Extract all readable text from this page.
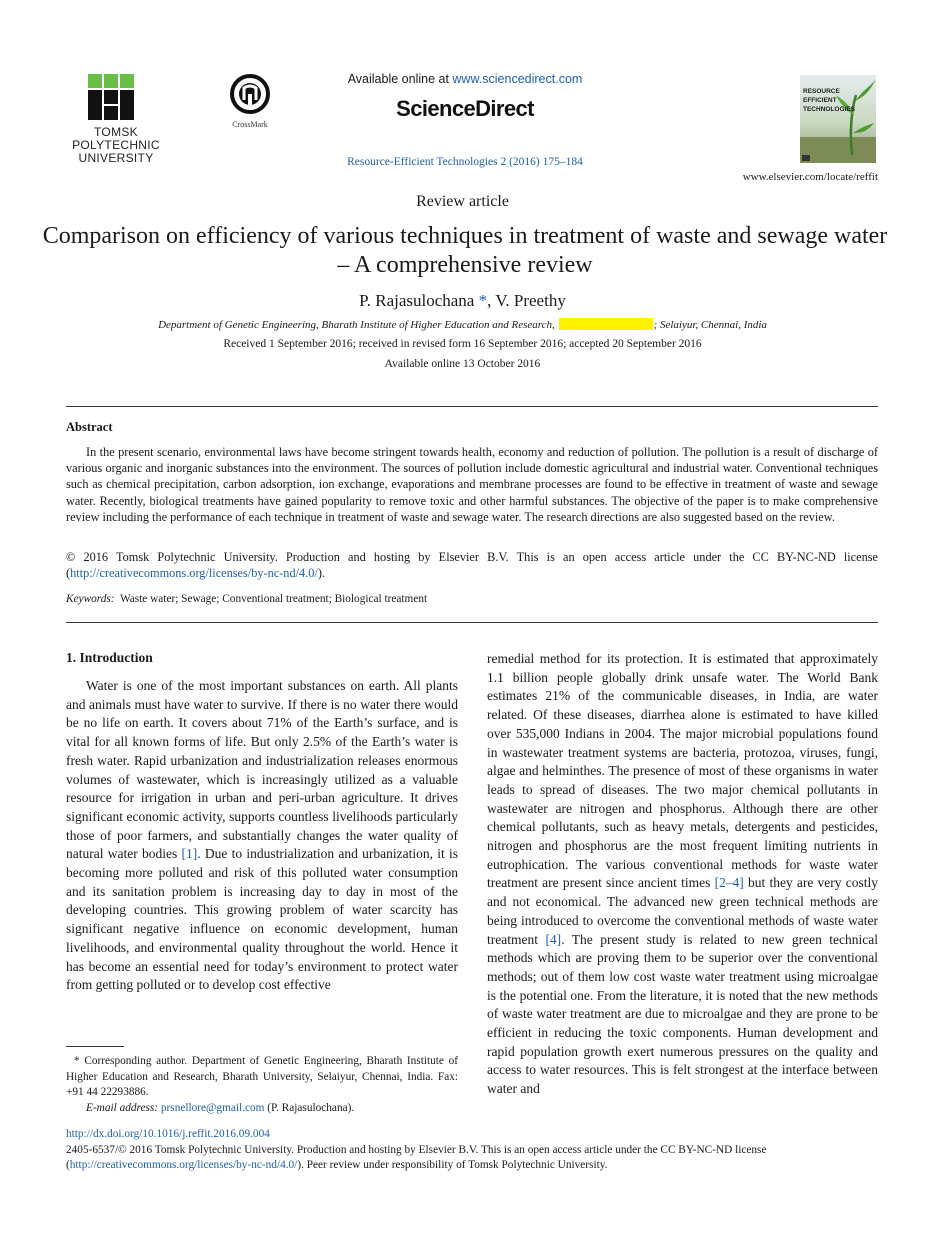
TOMSK
POLYTECHNIC
UNIVERSITY
CrossMark
Available online at www.sciencedirect.com
ScienceDirect
Resource-Efficient Technologies 2 (2016) 175–184
RESOURCE
EFFICIENT
TECHNOLOGIES
www.elsevier.com/locate/reffit
Review article
Comparison on efficiency of various techniques in treatment of waste and sewage water – A comprehensive review
P. Rajasulochana *, V. Preethy
Department of Genetic Engineering, Bharath Institute of Higher Education and Research,	; Selaiyur, Chennai, India
Received 1 September 2016; received in revised form 16 September 2016; accepted 20 September 2016
Available online 13 October 2016
Abstract

In the present scenario, environmental laws have become stringent towards health, economy and reduction of pollution. The pollution is a result of discharge of various organic and inorganic substances into the environment. The sources of pollution include domestic agricultural and industrial water. Conventional techniques such as chemical precipitation, carbon adsorption, ion exchange, evaporations and membrane processes are found to be effective in treatment of waste and sewage water. Recently, biological treatments have gained popularity to remove toxic and other harmful substances. The objective of the paper is to make comprehensive review including the performance of each technique in treatment of waste and sewage water. The research directions are also suggested based on the review.

© 2016 Tomsk Polytechnic University. Production and hosting by Elsevier B.V. This is an open access article under the CC BY-NC-ND license (http://creativecommons.org/licenses/by-nc-nd/4.0/).
Keywords: Waste water; Sewage; Conventional treatment; Biological treatment
1. Introduction

Water is one of the most important substances on earth. All plants and animals must have water to survive. If there is no water there would be no life on earth. It covers about 71% of the Earth’s surface, and is vital for all known forms of life. But only 2.5% of the Earth’s water is fresh water. Rapid urbanization and industrialization releases enormous volumes of wastewater, which is increasingly utilized as a valuable resource for irrigation in urban and peri-urban agriculture. It drives significant economic activity, supports countless livelihoods particularly those of poor farmers, and substantially changes the water quality of natural water bodies [1]. Due to industrialization and urbanization, it is becoming more polluted and risk of this polluted water consumption and its sanitation problem is increasing day to day in most of the developing countries. This growing problem of water scarcity has significant negative influence on economic development, human livelihoods, and environmental quality throughout the world. Hence it has become an essential need for today’s environment to protect water from getting polluted or to develop cost effective

remedial method for its protection. It is estimated that approximately 1.1 billion people globally drink unsafe water. The World Bank estimates 21% of the communicable diseases, in India, are water related. Of these diseases, diarrhea alone is estimated to have killed over 535,000 Indians in 2004. The major microbial populations found in wastewater treatment systems are bacteria, protozoa, viruses, fungi, algae and helminthes. The presence of most of these organisms in water leads to spread of diseases. The two major chemical pollutants in wastewater are nitrogen and phosphorus. Although there are other chemical pollutants, such as heavy metals, detergents and pesticides, nitrogen and phosphorus are the most frequent limiting nutrients in eutrophication. The various conventional methods for waste water treatment are present since ancient times [2–4] but they are very costly and not economical. The advanced new green technical methods are being introduced to overcome the conventional methods of waste water treatment [4]. The present study is related to new green technical methods which are proving them to be superior over the conventional methods; out of them low cost waste water treatment using microalgae is the potential one. From the literature, it is noted that the new methods of waste water treatment are due to microalgae and they are prone to be efficient in reducing the toxic components. Human development and rapid population growth exert numerous pressures on the quality and access to water resources. This is felt strongest at the interface between water and
* Corresponding author. Department of Genetic Engineering, Bharath Institute of Higher Education and Research, Bharath University, Selaiyur, Chennai, India. Fax: +91 44 22293886.
E-mail address: prsnellore@gmail.com (P. Rajasulochana).
http://dx.doi.org/10.1016/j.reffit.2016.09.004
2405-6537/© 2016 Tomsk Polytechnic University. Production and hosting by Elsevier B.V. This is an open access article under the CC BY-NC-ND license (http://creativecommons.org/licenses/by-nc-nd/4.0/). Peer review under responsibility of Tomsk Polytechnic University.
